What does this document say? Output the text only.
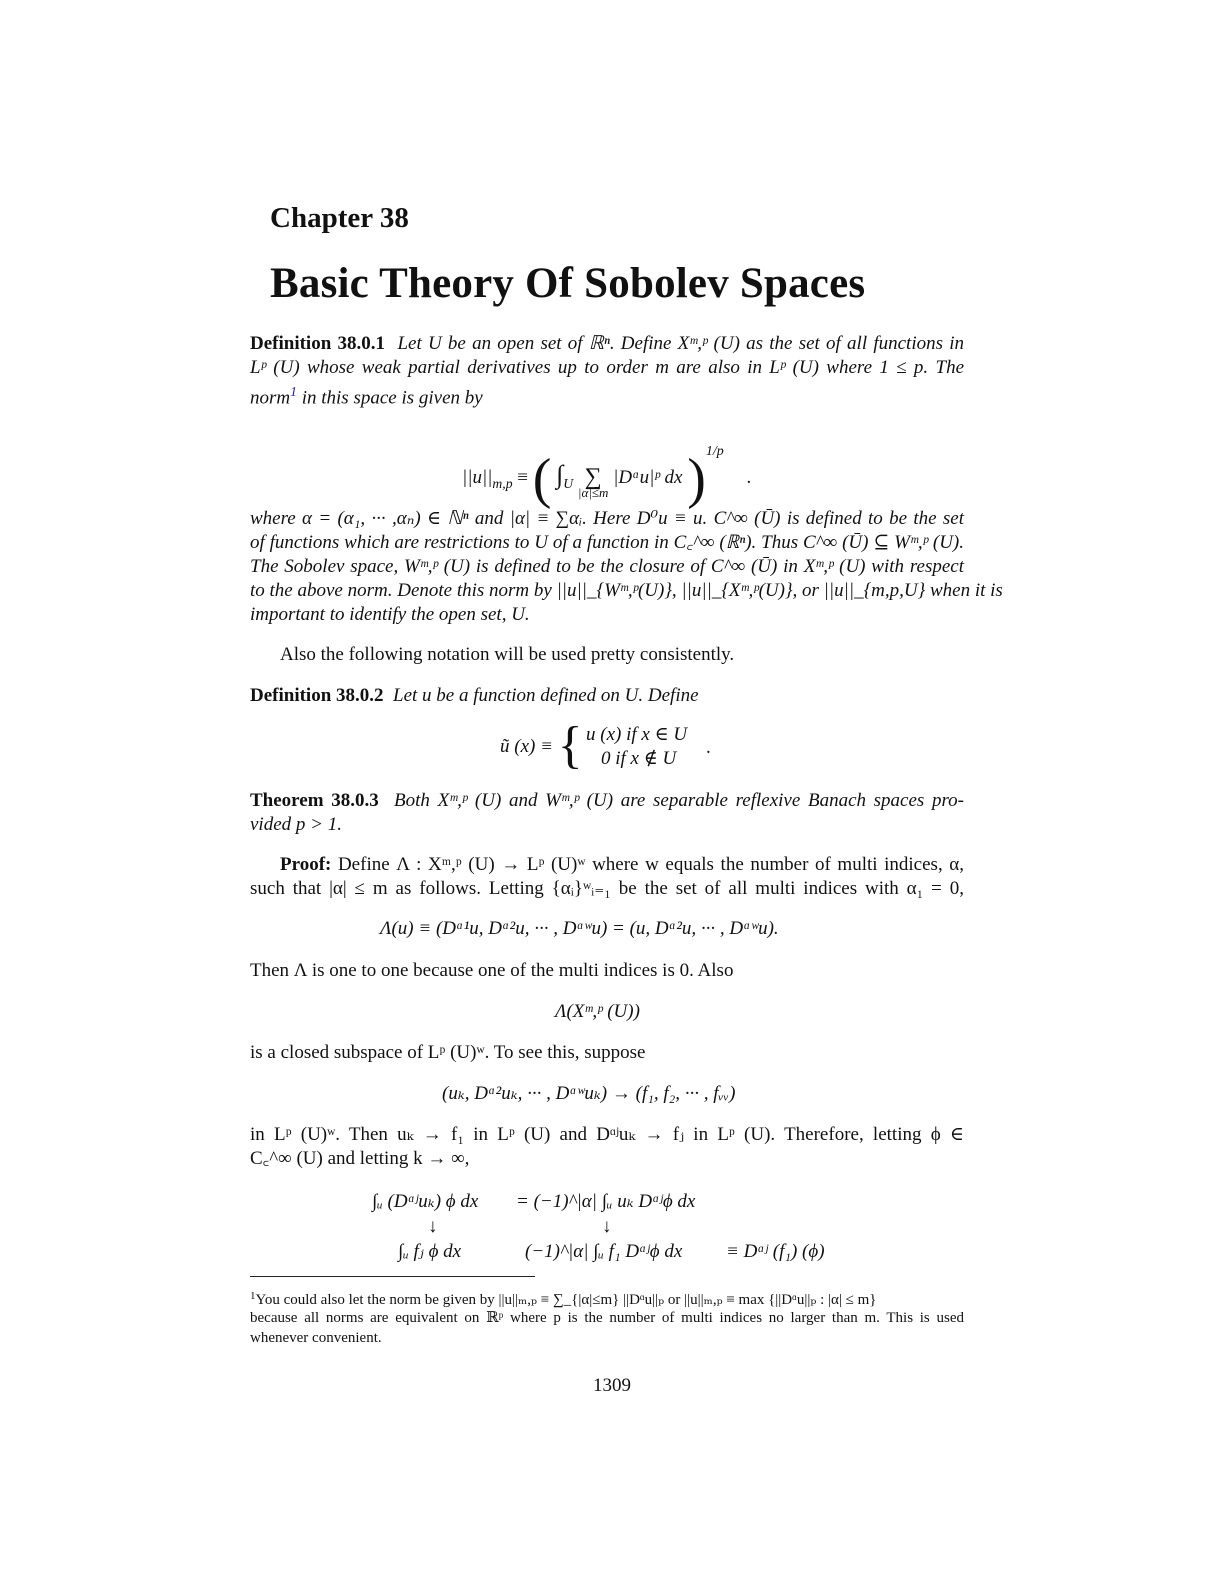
Chapter 38
Basic Theory Of Sobolev Spaces
Definition 38.0.1 Let U be an open set of ℝⁿ. Define Xᵐ,ᵖ (U) as the set of all functions in
Lᵖ (U) whose weak partial derivatives up to order m are also in Lᵖ (U) where 1 ≤ p. The
norm$^1$ in this space is given by
$||u||_{m,p}$ ≡ ( $\int_U$ ∑
|α|≤m
|Dᵅu|ᵖ dx )$^{1/p}$ .
where α = (α₁, ··· ,αₙ) ∈ ℕⁿ and |α| ≡ ∑αᵢ. Here D⁰u ≡ u. C^∞ (Ū) is defined to be the set
of functions which are restrictions to U of a function in C꜀^∞ (ℝⁿ). Thus C^∞ (Ū) ⊆ Wᵐ,ᵖ (U).
The Sobolev space, Wᵐ,ᵖ (U) is defined to be the closure of C^∞ (Ū) in Xᵐ,ᵖ (U) with respect
to the above norm. Denote this norm by ||u||_{Wᵐ,ᵖ(U)}, ||u||_{Xᵐ,ᵖ(U)}, or ||u||_{m,p,U} when it is
important to identify the open set, U.
Also the following notation will be used pretty consistently.
Definition 38.0.2 Let u be a function defined on U. Define
ũ (x) ≡ { u (x) if x ∈ U
0 if x ∉ U
.
Theorem 38.0.3 Both Xᵐ,ᵖ (U) and Wᵐ,ᵖ (U) are separable reflexive Banach spaces pro-
vided p > 1.
Proof: Define Λ : Xᵐ,ᵖ (U) → Lᵖ (U)ʷ where w equals the number of multi indices, α,
such that |α| ≤ m as follows. Letting {αᵢ}ʷᵢ₌₁ be the set of all multi indices with α₁ = 0,
Λ(u) ≡ (Dᵅ¹u, Dᵅ²u, ··· , Dᵅʷu) = (u, Dᵅ²u, ··· , Dᵅʷu).
Then Λ is one to one because one of the multi indices is 0. Also
Λ(Xᵐ,ᵖ (U))
is a closed subspace of Lᵖ (U)ʷ. To see this, suppose
(uₖ, Dᵅ²uₖ, ··· , Dᵅʷuₖ) → (f₁, f₂, ··· , fᵥᵥ)
in Lᵖ (U)ʷ. Then uₖ → f₁ in Lᵖ (U) and Dᵅʲuₖ → fⱼ in Lᵖ (U). Therefore, letting ϕ ∈
C꜀^∞ (U) and letting k → ∞,
∫ᵤ (Dᵅʲuₖ) ϕ dx = (−1)^|α| ∫ᵤ uₖ Dᵅʲϕ dx
↓	↓
∫ᵤ fⱼ ϕ dx	(−1)^|α| ∫ᵤ f₁ Dᵅʲϕ dx ≡ Dᵅʲ (f₁) (ϕ)
$^1$You could also let the norm be given by ||u||ₘ,ₚ ≡ ∑_{|α|≤m} ||Dᵅu||ₚ or ||u||ₘ,ₚ ≡ max {||Dᵅu||ₚ : |α| ≤ m}
because all norms are equivalent on ℝᵖ where p is the number of multi indices no larger than m. This is used
whenever convenient.
1309
